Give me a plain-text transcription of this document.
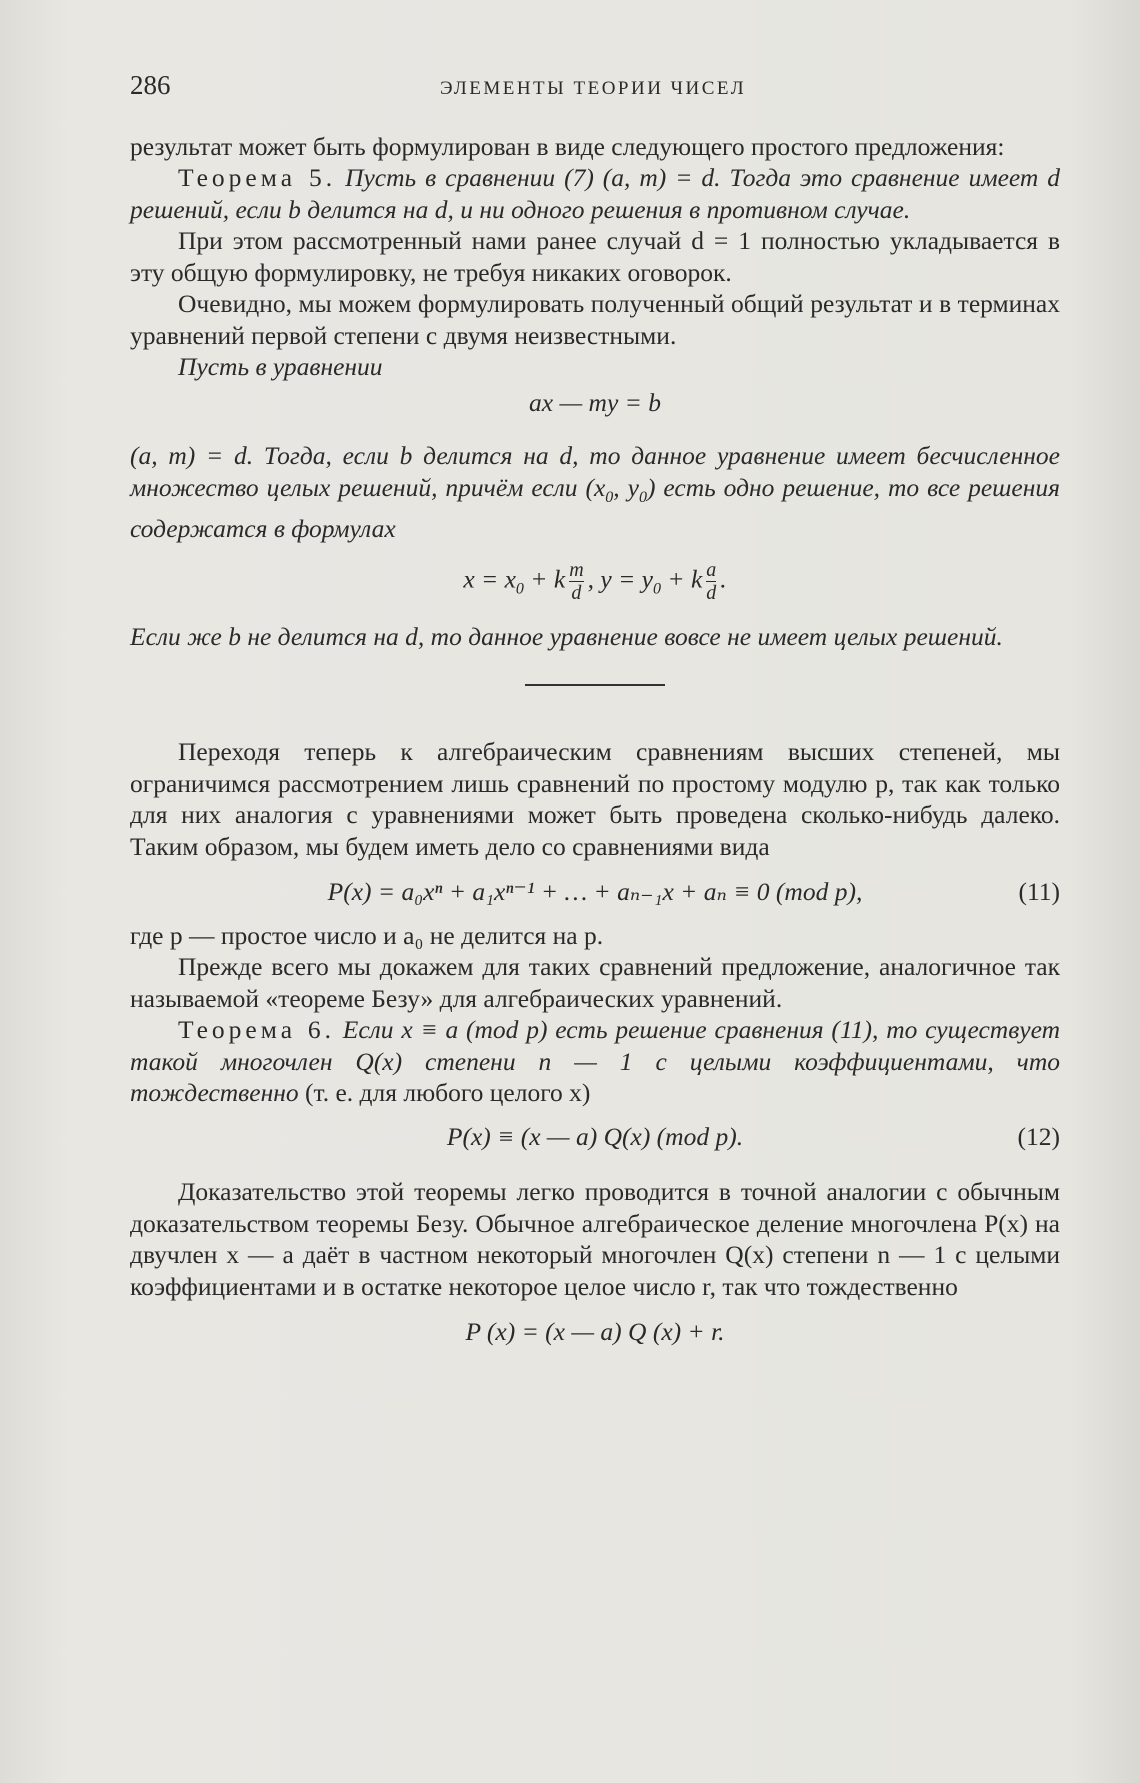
286	ЭЛЕМЕНТЫ ТЕОРИИ ЧИСЕЛ

результат может быть формулирован в виде следующего простого предложения:

Теорема 5. Пусть в сравнении (7) (a, m) = d. Тогда это сравнение имеет d решений, если b делится на d, и ни одного решения в противном случае.

При этом рассмотренный нами ранее случай d = 1 полностью укладывается в эту общую формулировку, не требуя никаких оговорок.

Очевидно, мы можем формулировать полученный общий результат и в терминах уравнений первой степени с двумя неизвестными.

Пусть в уравнении

ax — my = b

(a, m) = d. Тогда, если b делится на d, то данное уравнение имеет бесчисленное множество целых решений, причём если ($x_0$, $y_0$) есть одно решение, то все решения содержатся в формулах

$x = x_0 + k \frac{m}{d}$ , $y = y_0 + k \frac{a}{d}$ .

Если же b не делится на d, то данное уравнение вовсе не имеет целых решений.

Переходя теперь к алгебраическим сравнениям высших степеней, мы ограничимся рассмотрением лишь сравнений по простому модулю p, так как только для них аналогия с уравнениями может быть проведена сколько-нибудь далеко. Таким образом, мы будем иметь дело со сравнениями вида

P(x) = a₀xⁿ + a₁xⁿ⁻¹ + … + aₙ₋₁x + aₙ ≡ 0 (mod p),	(11)

где p — простое число и a₀ не делится на p.

Прежде всего мы докажем для таких сравнений предложение, аналогичное так называемой «теореме Безу» для алгебраических уравнений.

Теорема 6. Если x ≡ a (mod p) есть решение сравнения (11), то существует такой многочлен Q(x) степени n — 1 с целыми коэффициентами, что тождественно (т. е. для любого целого x)

P(x) ≡ (x — a) Q(x) (mod p).	(12)

Доказательство этой теоремы легко проводится в точной аналогии с обычным доказательством теоремы Безу. Обычное алгебраическое деление многочлена P(x) на двучлен x — a даёт в частном некоторый многочлен Q(x) степени n — 1 с целыми коэффициентами и в остатке некоторое целое число r, так что тождественно

P (x) = (x — a) Q (x) + r.
